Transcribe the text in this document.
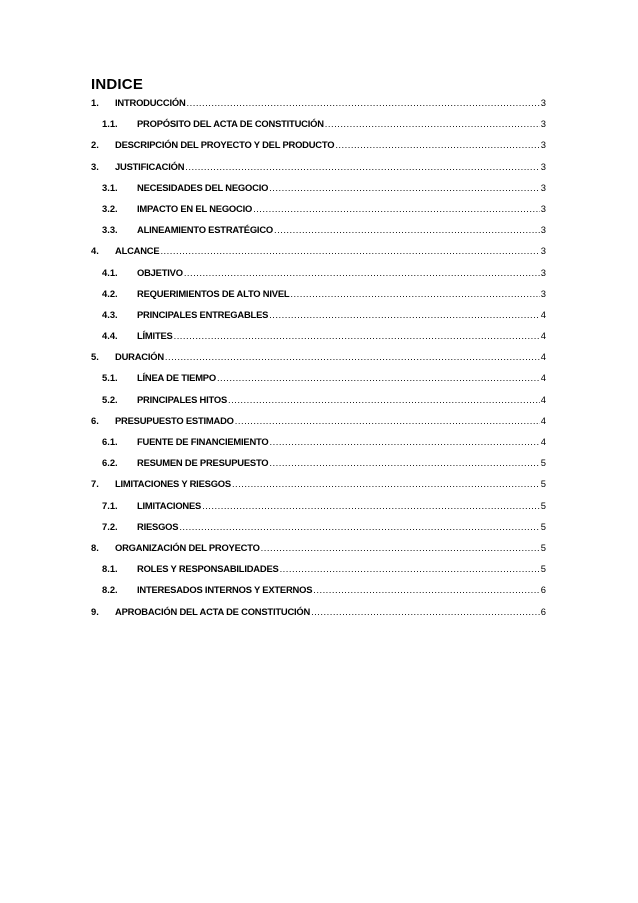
INDICE
1.	INTRODUCCIÓN .....	3
1.1.	PROPÓSITO DEL ACTA DE CONSTITUCIÓN .....	3
2.	DESCRIPCIÓN DEL PROYECTO Y DEL PRODUCTO .....	3
3.	JUSTIFICACIÓN .....	3
3.1.	NECESIDADES DEL NEGOCIO .....	3
3.2.	IMPACTO EN EL NEGOCIO .....	3
3.3.	ALINEAMIENTO ESTRATÉGICO .....	3
4.	ALCANCE .....	3
4.1.	OBJETIVO .....	3
4.2.	REQUERIMIENTOS DE ALTO NIVEL .....	3
4.3.	PRINCIPALES ENTREGABLES .....	4
4.4.	LÍMITES .....	4
5.	DURACIÓN .....	4
5.1.	LÍNEA DE TIEMPO .....	4
5.2.	PRINCIPALES HITOS .....	4
6.	PRESUPUESTO ESTIMADO .....	4
6.1.	FUENTE DE FINANCIEMIENTO .....	4
6.2.	RESUMEN DE PRESUPUESTO .....	5
7.	LIMITACIONES Y RIESGOS .....	5
7.1.	LIMITACIONES .....	5
7.2.	RIESGOS .....	5
8.	ORGANIZACIÓN DEL PROYECTO .....	5
8.1.	ROLES Y RESPONSABILIDADES .....	5
8.2.	INTERESADOS INTERNOS Y EXTERNOS .....	6
9.	APROBACIÓN DEL ACTA DE CONSTITUCIÓN .....	6
